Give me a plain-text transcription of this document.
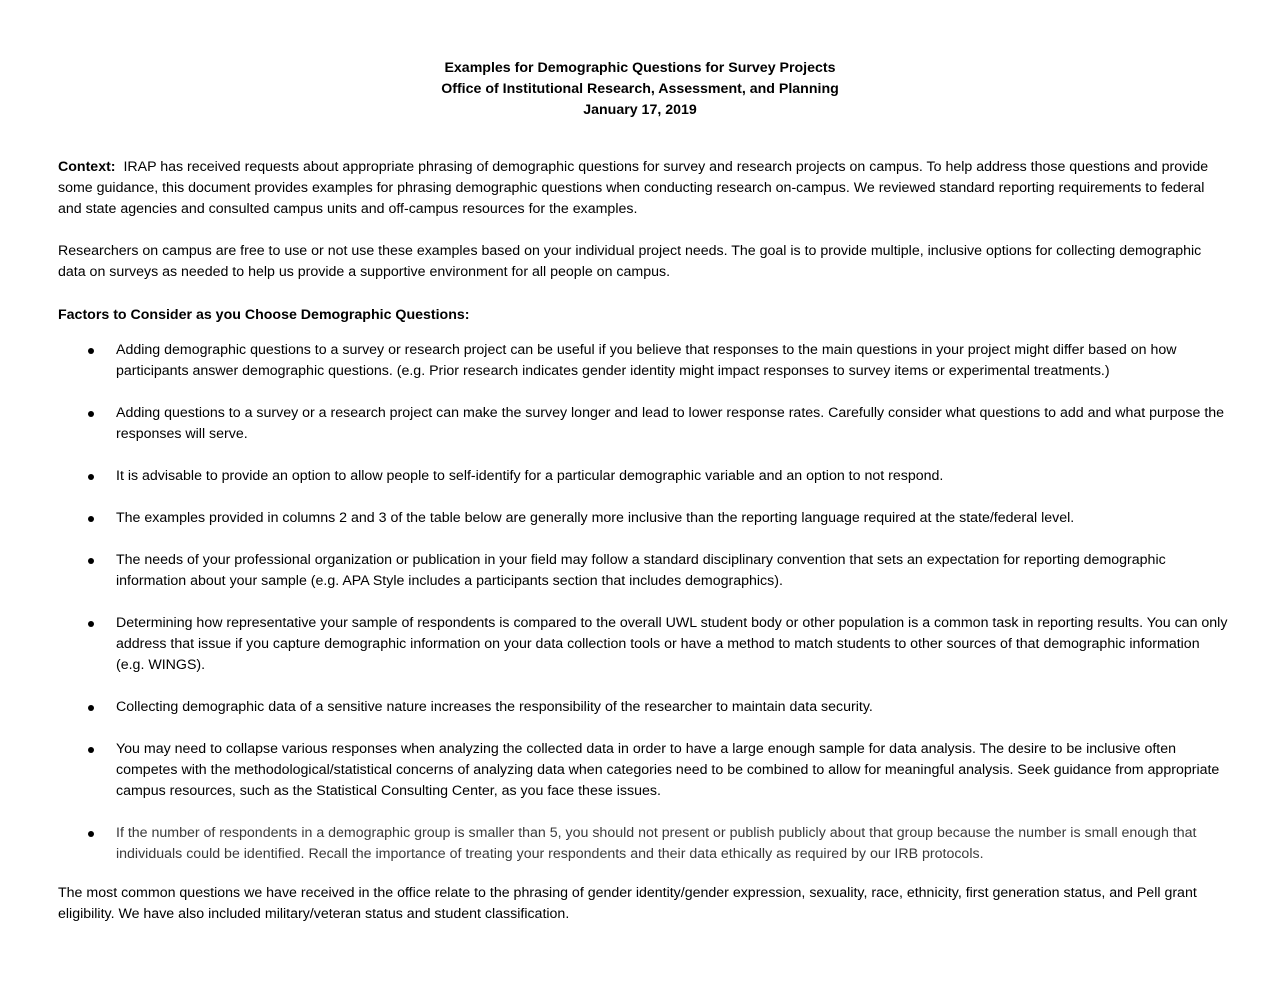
Examples for Demographic Questions for Survey Projects
Office of Institutional Research, Assessment, and Planning
January 17, 2019

Context: IRAP has received requests about appropriate phrasing of demographic questions for survey and research projects on campus. To help address those questions and provide some guidance, this document provides examples for phrasing demographic questions when conducting research on-campus. We reviewed standard reporting requirements to federal and state agencies and consulted campus units and off-campus resources for the examples.

Researchers on campus are free to use or not use these examples based on your individual project needs. The goal is to provide multiple, inclusive options for collecting demographic data on surveys as needed to help us provide a supportive environment for all people on campus.

Factors to Consider as you Choose Demographic Questions:
Adding demographic questions to a survey or research project can be useful if you believe that responses to the main questions in your project might differ based on how participants answer demographic questions. (e.g. Prior research indicates gender identity might impact responses to survey items or experimental treatments.)
Adding questions to a survey or a research project can make the survey longer and lead to lower response rates. Carefully consider what questions to add and what purpose the responses will serve.
It is advisable to provide an option to allow people to self-identify for a particular demographic variable and an option to not respond.
The examples provided in columns 2 and 3 of the table below are generally more inclusive than the reporting language required at the state/federal level.
The needs of your professional organization or publication in your field may follow a standard disciplinary convention that sets an expectation for reporting demographic information about your sample (e.g. APA Style includes a participants section that includes demographics).
Determining how representative your sample of respondents is compared to the overall UWL student body or other population is a common task in reporting results. You can only address that issue if you capture demographic information on your data collection tools or have a method to match students to other sources of that demographic information (e.g. WINGS).
Collecting demographic data of a sensitive nature increases the responsibility of the researcher to maintain data security.
You may need to collapse various responses when analyzing the collected data in order to have a large enough sample for data analysis. The desire to be inclusive often competes with the methodological/statistical concerns of analyzing data when categories need to be combined to allow for meaningful analysis. Seek guidance from appropriate campus resources, such as the Statistical Consulting Center, as you face these issues.
If the number of respondents in a demographic group is smaller than 5, you should not present or publish publicly about that group because the number is small enough that individuals could be identified. Recall the importance of treating your respondents and their data ethically as required by our IRB protocols.

The most common questions we have received in the office relate to the phrasing of gender identity/gender expression, sexuality, race, ethnicity, first generation status, and Pell grant eligibility. We have also included military/veteran status and student classification.
